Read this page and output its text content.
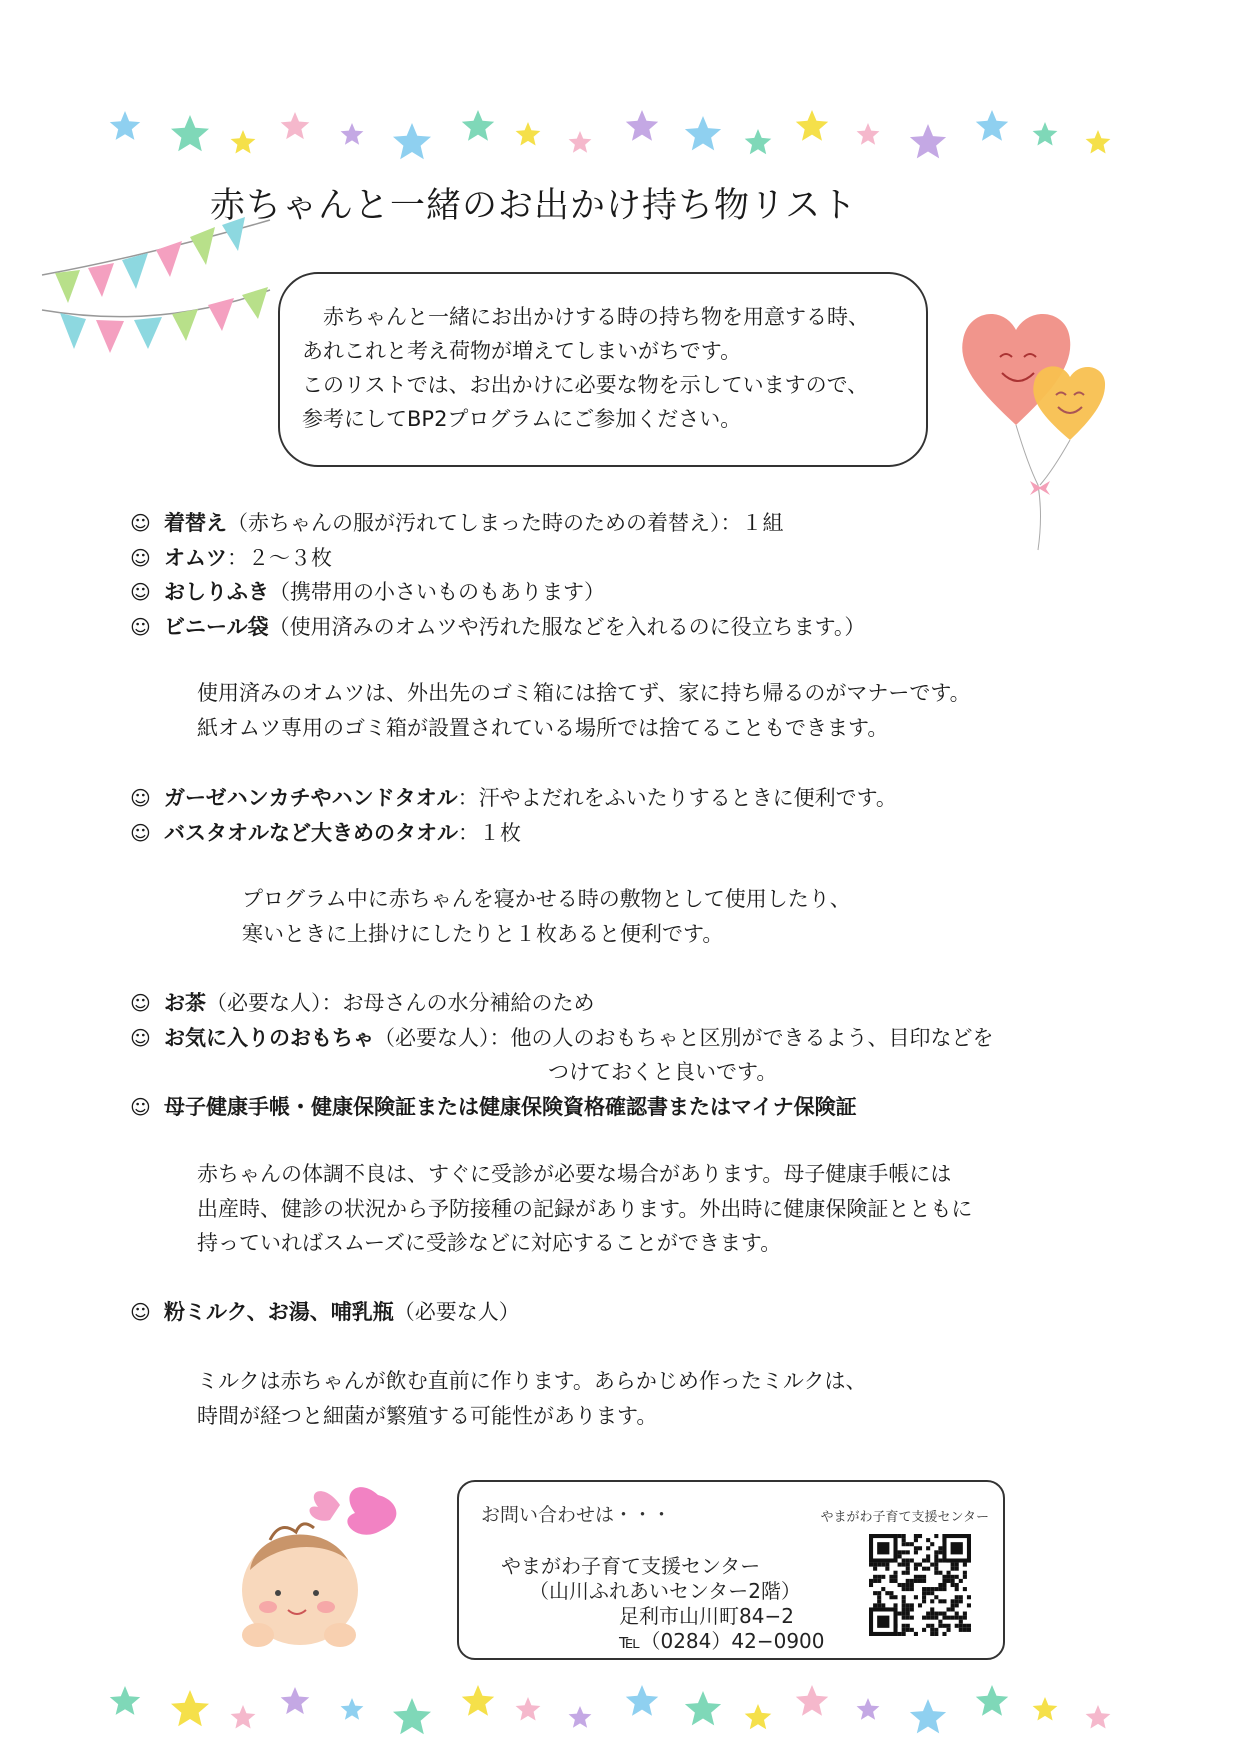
赤ちゃんと一緒のお出かけ持ち物リスト

赤ちゃんと一緒にお出かけする時の持ち物を用意する時、

あれこれと考え荷物が増えてしまいがちです。

このリストでは、お出かけに必要な物を示していますので、

参考にしてBP2プログラムにご参加ください。

☺ 着替え（赤ちゃんの服が汚れてしまった時のための着替え）：１組
☺ オムツ：２～３枚
☺ おしりふき（携帯用の小さいものもあります）
☺ ビニール袋（使用済みのオムツや汚れた服などを入れるのに役立ちます。）
使用済みのオムツは、外出先のゴミ箱には捨てず、家に持ち帰るのがマナーです。
紙オムツ専用のゴミ箱が設置されている場所では捨てることもできます。
☺ ガーゼハンカチやハンドタオル：汗やよだれをふいたりするときに便利です。
☺ バスタオルなど大きめのタオル：１枚
プログラム中に赤ちゃんを寝かせる時の敷物として使用したり、
寒いときに上掛けにしたりと１枚あると便利です。
☺ お茶（必要な人）：お母さんの水分補給のため
☺ お気に入りのおもちゃ（必要な人）：他の人のおもちゃと区別ができるよう、目印などを
つけておくと良いです。
☺ 母子健康手帳・健康保険証または健康保険資格確認書またはマイナ保険証
赤ちゃんの体調不良は、すぐに受診が必要な場合があります。母子健康手帳には
出産時、健診の状況から予防接種の記録があります。外出時に健康保険証とともに
持っていればスムーズに受診などに対応することができます。
☺ 粉ミルク、お湯、哺乳瓶（必要な人）
ミルクは赤ちゃんが飲む直前に作ります。あらかじめ作ったミルクは、
時間が経つと細菌が繁殖する可能性があります。
お問い合わせは・・・	やまがわ子育て支援センター
やまがわ子育て支援センター
（山川ふれあいセンター2階）
足利市山川町84−2
℡（0284）42−0900
